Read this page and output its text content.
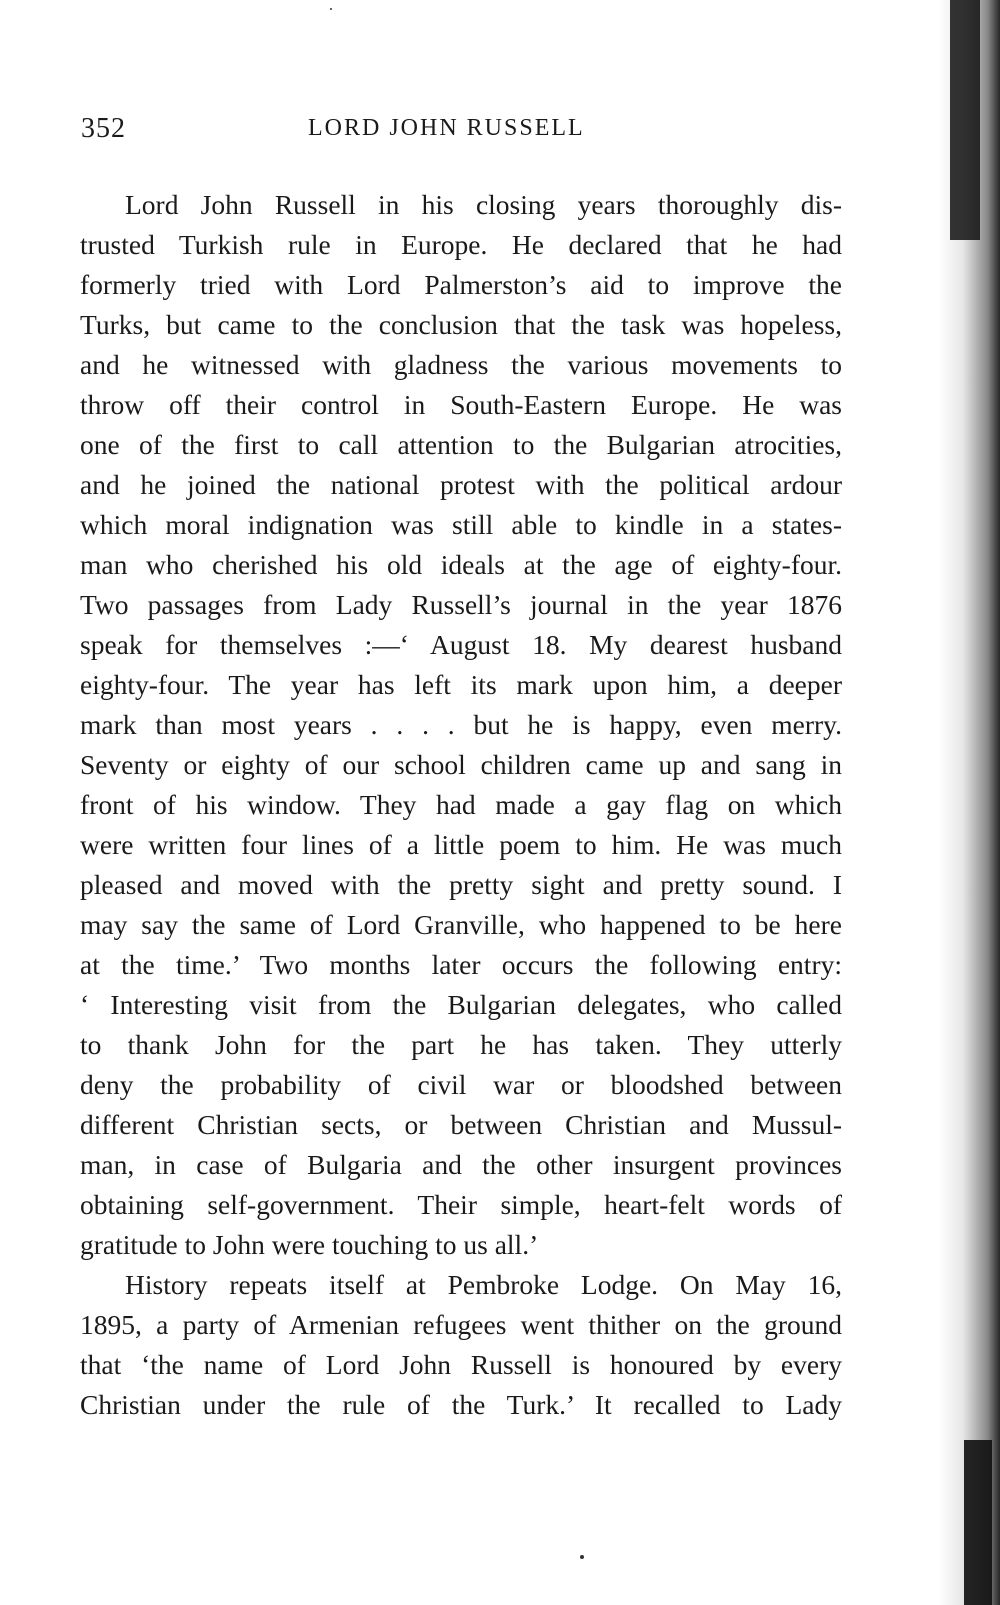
352	LORD JOHN RUSSELL
Lord John Russell in his closing years thoroughly dis-
trusted Turkish rule in Europe. He declared that he had
formerly tried with Lord Palmerston’s aid to improve the
Turks, but came to the conclusion that the task was hopeless,
and he witnessed with gladness the various movements to
throw off their control in South-Eastern Europe. He was
one of the first to call attention to the Bulgarian atrocities,
and he joined the national protest with the political ardour
which moral indignation was still able to kindle in a states-
man who cherished his old ideals at the age of eighty-four.
Two passages from Lady Russell’s journal in the year 1876
speak for themselves :—‘ August 18. My dearest husband
eighty-four. The year has left its mark upon him, a deeper
mark than most years . . . . but he is happy, even merry.
Seventy or eighty of our school children came up and sang in
front of his window. They had made a gay flag on which
were written four lines of a little poem to him. He was much
pleased and moved with the pretty sight and pretty sound. I
may say the same of Lord Granville, who happened to be here
at the time.’ Two months later occurs the following entry:
‘ Interesting visit from the Bulgarian delegates, who called
to thank John for the part he has taken. They utterly
deny the probability of civil war or bloodshed between
different Christian sects, or between Christian and Mussul-
man, in case of Bulgaria and the other insurgent provinces
obtaining self-government. Their simple, heart-felt words of
gratitude to John were touching to us all.’
History repeats itself at Pembroke Lodge. On May 16,
1895, a party of Armenian refugees went thither on the ground
that ‘the name of Lord John Russell is honoured by every
Christian under the rule of the Turk.’ It recalled to Lady
